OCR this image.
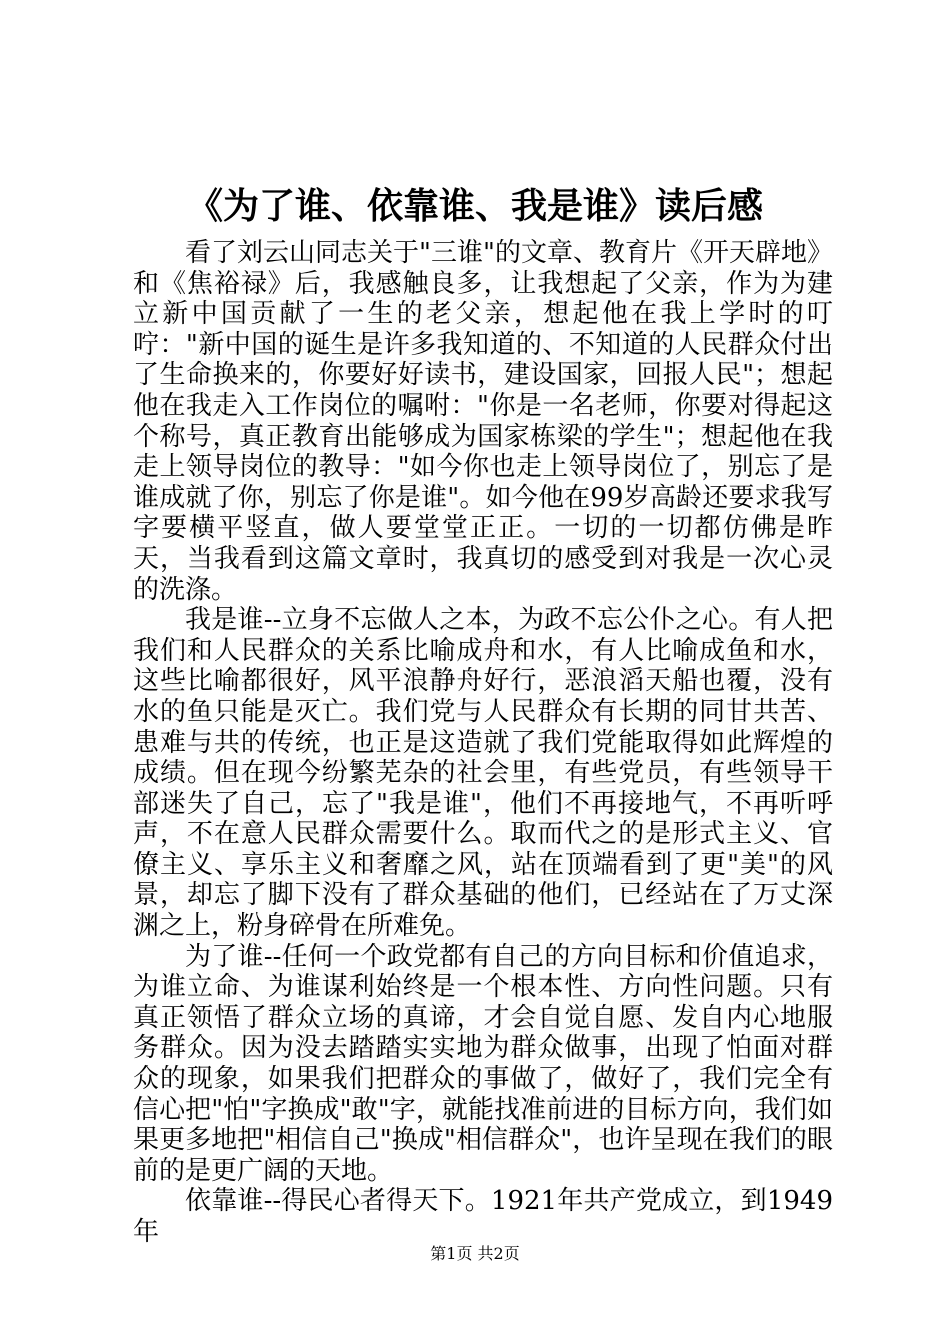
《为了谁、依靠谁、我是谁》读后感

看了刘云山同志关于"三谁"的文章、教育片《开天辟地》和《焦裕禄》后，我感触良多，让我想起了父亲，作为为建立新中国贡献了一生的老父亲，想起他在我上学时的叮咛："新中国的诞生是许多我知道的、不知道的人民群众付出了生命换来的，你要好好读书，建设国家，回报人民"；想起他在我走入工作岗位的嘱咐："你是一名老师，你要对得起这个称号，真正教育出能够成为国家栋梁的学生"；想起他在我走上领导岗位的教导："如今你也走上领导岗位了，别忘了是谁成就了你，别忘了你是谁"。如今他在99岁高龄还要求我写字要横平竖直，做人要堂堂正正。一切的一切都仿佛是昨天，当我看到这篇文章时，我真切的感受到对我是一次心灵的洗涤。

我是谁--立身不忘做人之本，为政不忘公仆之心。有人把我们和人民群众的关系比喻成舟和水，有人比喻成鱼和水，这些比喻都很好，风平浪静舟好行，恶浪滔天船也覆，没有水的鱼只能是灭亡。我们党与人民群众有长期的同甘共苦、患难与共的传统，也正是这造就了我们党能取得如此辉煌的成绩。但在现今纷繁芜杂的社会里，有些党员，有些领导干部迷失了自己，忘了"我是谁"，他们不再接地气，不再听呼声，不在意人民群众需要什么。取而代之的是形式主义、官僚主义、享乐主义和奢靡之风，站在顶端看到了更"美"的风景，却忘了脚下没有了群众基础的他们，已经站在了万丈深渊之上，粉身碎骨在所难免。

为了谁--任何一个政党都有自己的方向目标和价值追求，为谁立命、为谁谋利始终是一个根本性、方向性问题。只有真正领悟了群众立场的真谛，才会自觉自愿、发自内心地服务群众。因为没去踏踏实实地为群众做事，出现了怕面对群众的现象，如果我们把群众的事做了，做好了，我们完全有信心把"怕"字换成"敢"字，就能找准前进的目标方向，我们如果更多地把"相信自己"换成"相信群众"，也许呈现在我们的眼前的是更广阔的天地。

依靠谁--得民心者得天下。1921年共产党成立，到1949年

第1页 共2页
